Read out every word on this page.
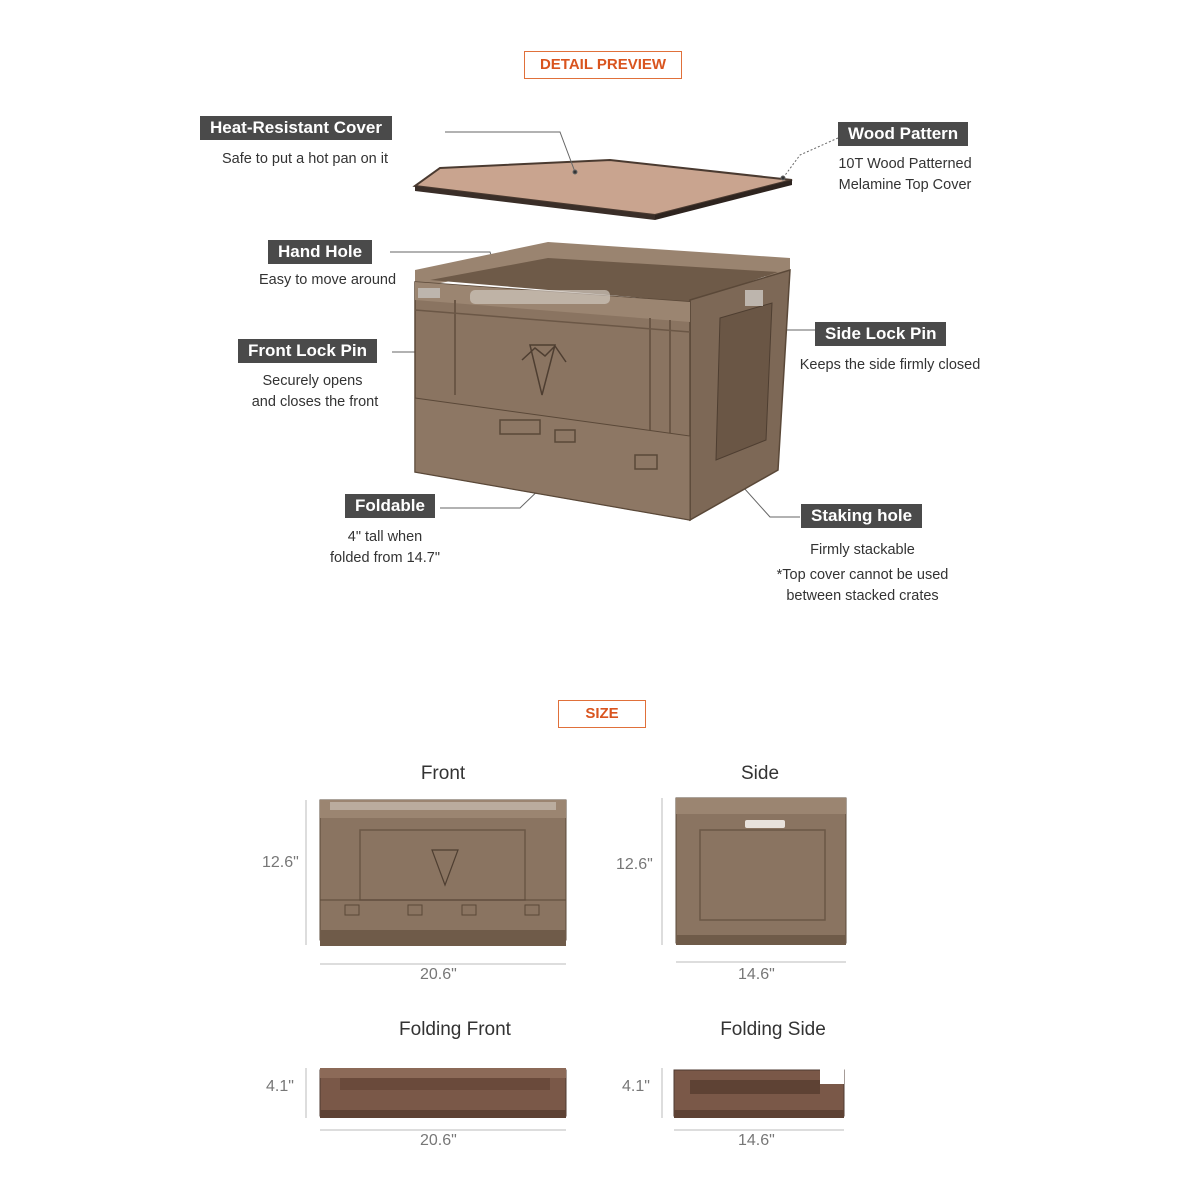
DETAIL PREVIEW
Heat-Resistant Cover
Safe to put a hot pan on it
Wood Pattern
10T Wood Patterned
Melamine Top Cover
Hand Hole
Easy to move around
Front Lock Pin
Securely opens
and closes the front
Side Lock Pin
Keeps the side firmly closed
Foldable
4" tall when
folded from 14.7"
Staking hole
Firmly stackable
*Top cover cannot be used
between stacked crates
SIZE
Front
12.6"
20.6"
Side
12.6"
14.6"
Folding Front
4.1"
20.6"
Folding Side
4.1"
14.6"
